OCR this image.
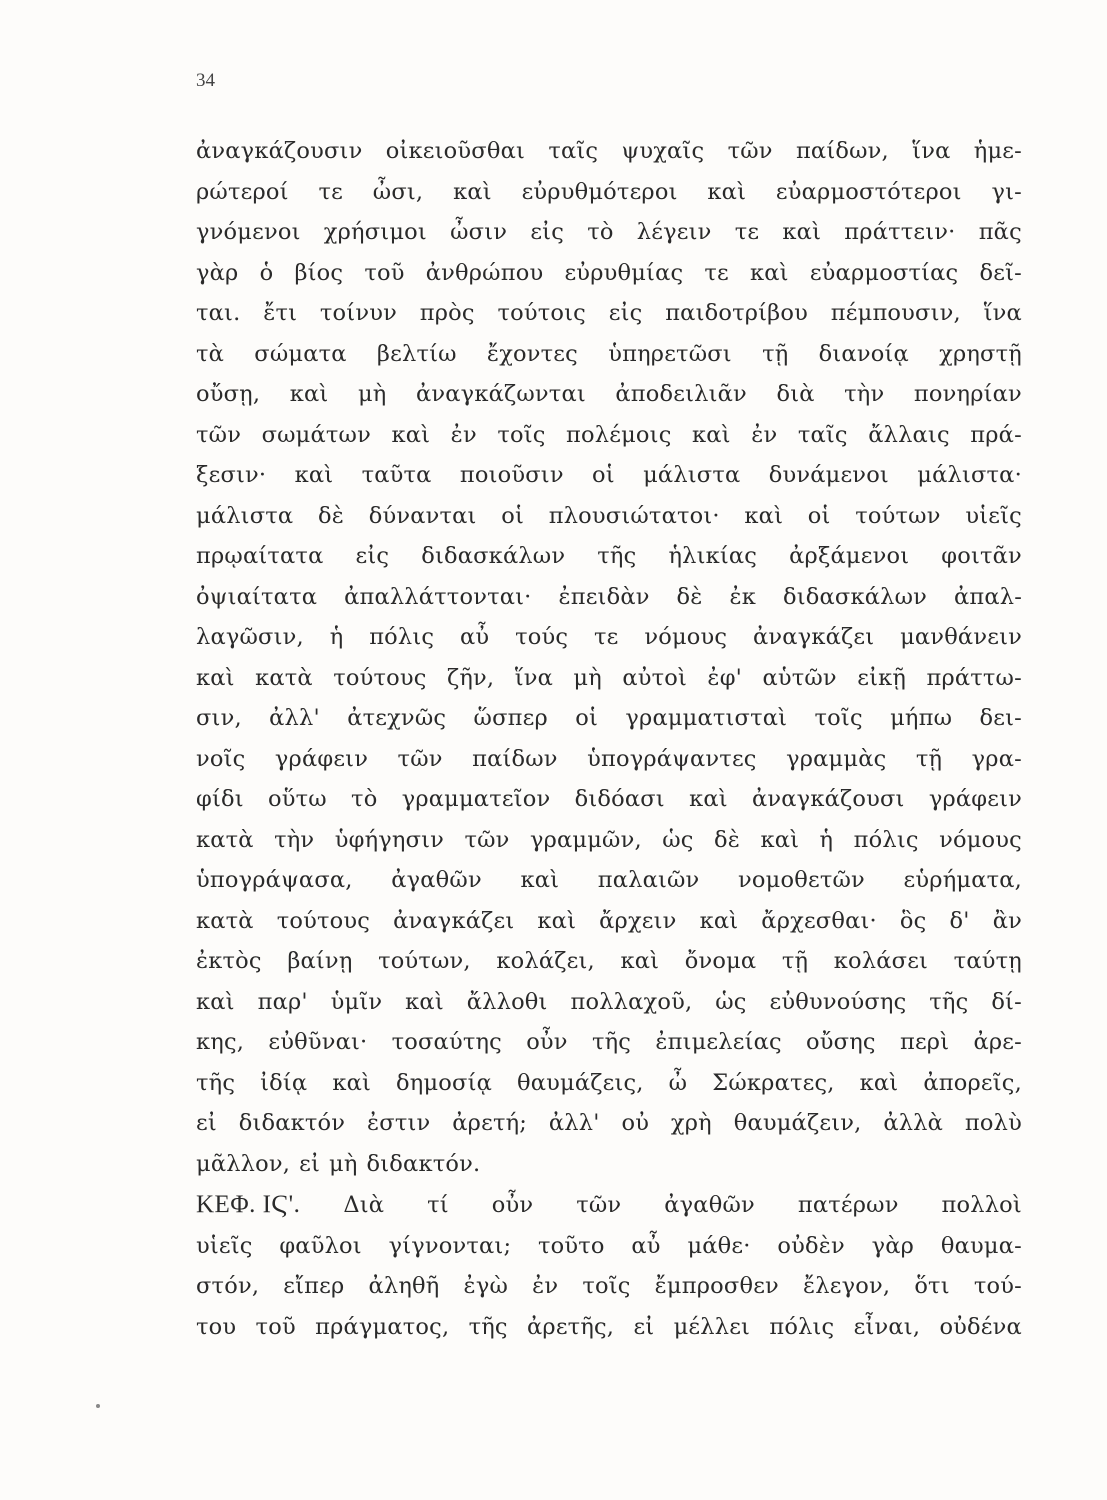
34
ἀναγκάζουσιν οἰκειοῦσθαι ταῖς ψυχαῖς τῶν παίδων, ἵνα ἡμε-
ρώτεροί τε ὦσι, καὶ εὐρυθμότεροι καὶ εὐαρμοστότεροι γι-
γνόμενοι χρήσιμοι ὦσιν εἰς τὸ λέγειν τε καὶ πράττειν· πᾶς
γὰρ ὁ βίος τοῦ ἀνθρώπου εὐρυθμίας τε καὶ εὐαρμοστίας δεῖ-
ται. ἔτι τοίνυν πρὸς τούτοις εἰς παιδοτρίβου πέμπουσιν, ἵνα
τὰ σώματα βελτίω ἔχοντες ὑπηρετῶσι τῇ διανοίᾳ χρηστῇ
οὔσῃ, καὶ μὴ ἀναγκάζωνται ἀποδειλιᾶν διὰ τὴν πονηρίαν
τῶν σωμάτων καὶ ἐν τοῖς πολέμοις καὶ ἐν ταῖς ἄλλαις πρά-
ξεσιν· καὶ ταῦτα ποιοῦσιν οἱ μάλιστα δυνάμενοι μάλιστα·
μάλιστα δὲ δύνανται οἱ πλουσιώτατοι· καὶ οἱ τούτων υἱεῖς
πρῳαίτατα εἰς διδασκάλων τῆς ἡλικίας ἀρξάμενοι φοιτᾶν
ὀψιαίτατα ἀπαλλάττονται· ἐπειδὰν δὲ ἐκ διδασκάλων ἀπαλ-
λαγῶσιν, ἡ πόλις αὖ τούς τε νόμους ἀναγκάζει μανθάνειν
καὶ κατὰ τούτους ζῆν, ἵνα μὴ αὐτοὶ ἐφ' αὑτῶν εἰκῇ πράττω-
σιν, ἀλλ' ἀτεχνῶς ὥσπερ οἱ γραμματισταὶ τοῖς μήπω δει-
νοῖς γράφειν τῶν παίδων ὑπογράψαντες γραμμὰς τῇ γρα-
φίδι οὕτω τὸ γραμματεῖον διδόασι καὶ ἀναγκάζουσι γράφειν
κατὰ τὴν ὑφήγησιν τῶν γραμμῶν, ὡς δὲ καὶ ἡ πόλις νόμους
ὑπογράψασα, ἀγαθῶν καὶ παλαιῶν νομοθετῶν εὑρήματα,
κατὰ τούτους ἀναγκάζει καὶ ἄρχειν καὶ ἄρχεσθαι· ὃς δ' ἂν
ἐκτὸς βαίνῃ τούτων, κολάζει, καὶ ὄνομα τῇ κολάσει ταύτῃ
καὶ παρ' ὑμῖν καὶ ἄλλοθι πολλαχοῦ, ὡς εὐθυνούσης τῆς δί-
κης, εὐθῦναι· τοσαύτης οὖν τῆς ἐπιμελείας οὔσης περὶ ἀρε-
τῆς ἰδίᾳ καὶ δημοσίᾳ θαυμάζεις, ὦ Σώκρατες, καὶ ἀπορεῖς,
εἰ διδακτόν ἐστιν ἀρετή; ἀλλ' οὐ χρὴ θαυμάζειν, ἀλλὰ πολὺ
μᾶλλον, εἰ μὴ διδακτόν.
ΚΕΦ. ΙϚ'. Διὰ τί οὖν τῶν ἀγαθῶν πατέρων πολλοὶ
υἱεῖς φαῦλοι γίγνονται; τοῦτο αὖ μάθε· οὐδὲν γὰρ θαυμα-
στόν, εἴπερ ἀληθῆ ἐγὼ ἐν τοῖς ἔμπροσθεν ἔλεγον, ὅτι τού-
του τοῦ πράγματος, τῆς ἀρετῆς, εἰ μέλλει πόλις εἶναι, οὐδένα
